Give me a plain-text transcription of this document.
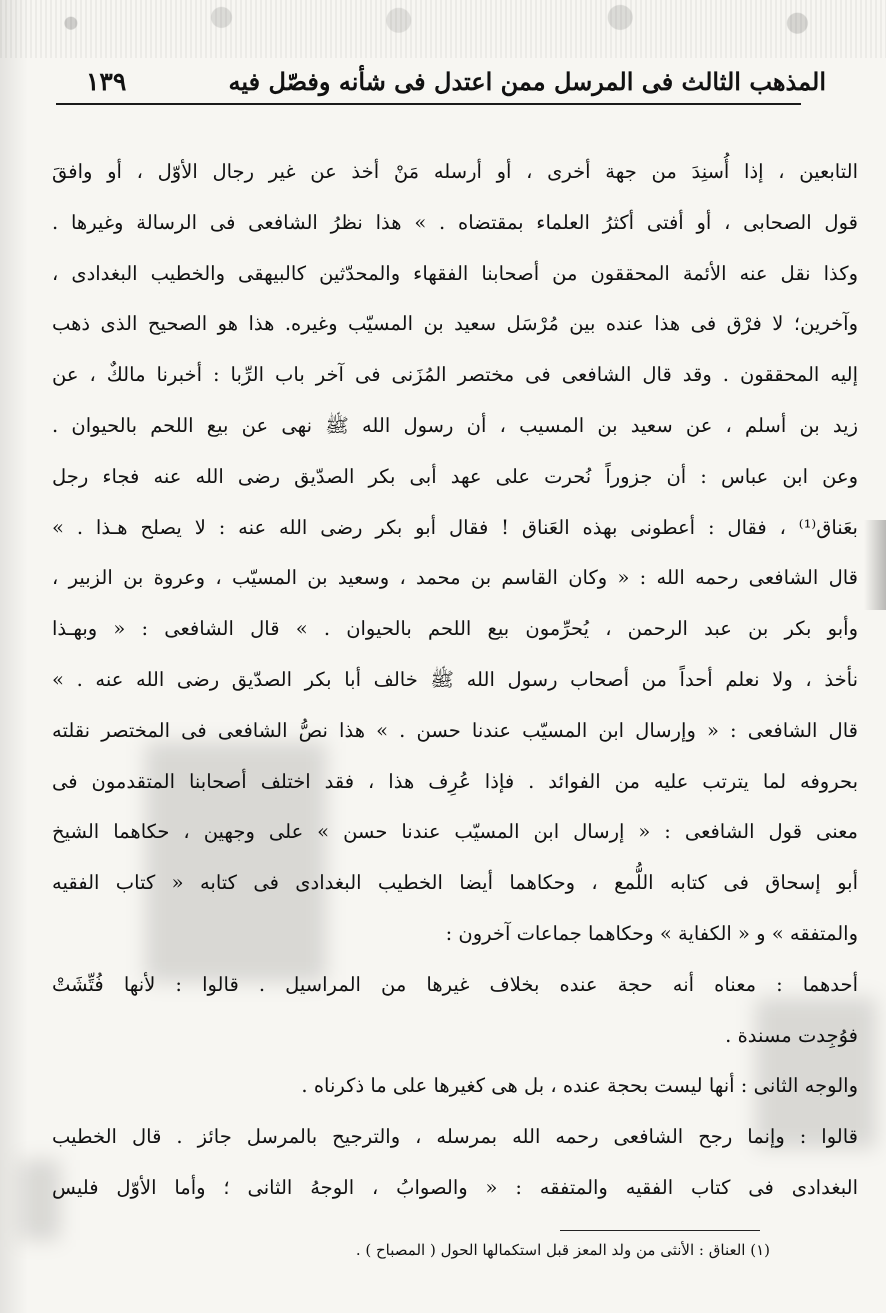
المذهب الثالث فى المرسل ممن اعتدل فى شأنه وفصّل فيه
١٣٩
التابعين ، إذا أُسنِدَ من جهة أخرى ، أو أرسله مَنْ أخذ عن غير رجال الأوّل ، أو وافقَ
قول الصحابى ، أو أفتى أكثرُ العلماء بمقتضاه . » هذا نظرُ الشافعى فى الرسالة وغيرها .
وكذا نقل عنه الأئمة المحققون من أصحابنا الفقهاء والمحدّثين كالبيهقى والخطيب البغدادى ،
وآخرين؛ لا فرْق فى هذا عنده بين مُرْسَل سعيد بن المسيّب وغيره. هذا هو الصحيح الذى ذهب
إليه المحققون . وقد قال الشافعى فى مختصر المُزَنى فى آخر باب الرِّبا : أخبرنا مالكٌ ، عن
زيد بن أسلم ، عن سعيد بن المسيب ، أن رسول الله ﷺ نهى عن بيع اللحم بالحيوان .
وعن ابن عباس : أن جزوراً نُحرت على عهد أبى بكر الصدّيق رضى الله عنه فجاء رجل
بعَناق⁽¹⁾ ، فقال : أعطونى بهذه العَناق ! فقال أبو بكر رضى الله عنه : لا يصلح هـذا . »
قال الشافعى رحمه الله : « وكان القاسم بن محمد ، وسعيد بن المسيّب ، وعروة بن الزبير ،
وأبو بكر بن عبد الرحمن ، يُحرِّمون بيع اللحم بالحيوان . » قال الشافعى : « وبهـذا
نأخذ ، ولا نعلم أحداً من أصحاب رسول الله ﷺ خالف أبا بكر الصدّيق رضى الله عنه . »
قال الشافعى : « وإرسال ابن المسيّب عندنا حسن . » هذا نصُّ الشافعى فى المختصر نقلته
بحروفه لما يترتب عليه من الفوائد . فإذا عُرِف هذا ، فقد اختلف أصحابنا المتقدمون فى
معنى قول الشافعى : « إرسال ابن المسيّب عندنا حسن » على وجهين ، حكاهما الشيخ
أبو إسحاق فى كتابه اللُّمع ، وحكاهما أيضا الخطيب البغدادى فى كتابه « كتاب الفقيه
والمتفقه » و « الكفاية » وحكاهما جماعات آخرون :
أحدهما : معناه أنه حجة عنده بخلاف غيرها من المراسيل . قالوا : لأنها فُتِّشَتْ
فوُجِدت مسندة .
والوجه الثانى : أنها ليست بحجة عنده ، بل هى كغيرها على ما ذكرناه .
قالوا : وإنما رجح الشافعى رحمه الله بمرسله ، والترجيح بالمرسل جائز . قال الخطيب
البغدادى فى كتاب الفقيه والمتفقه : « والصوابُ ، الوجهُ الثانى ؛ وأما الأوّل فليس
(١) العناق : الأنثى من ولد المعز قبل استكمالها الحول ( المصباح ) .
